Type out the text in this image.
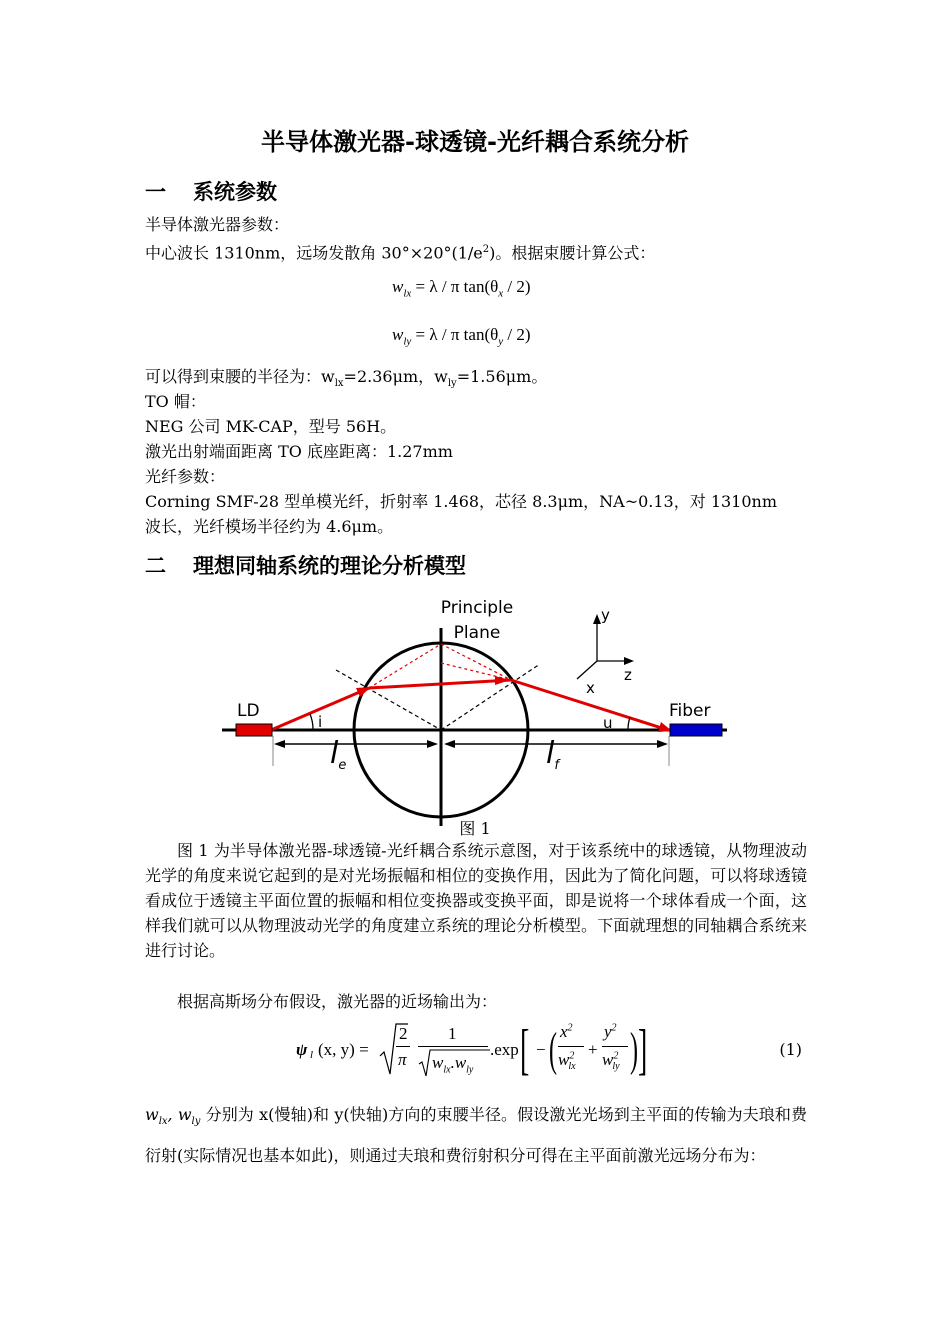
半导体激光器-球透镜-光纤耦合系统分析
一 系统参数
半导体激光器参数：
中心波长 1310nm，远场发散角 $30^\circ\times 20^\circ(1/e^2)$。根据束腰计算公式：
$w_{lx} = \lambda / \pi$ $\tan(\theta_x / 2)$
$w_{ly} = \lambda / \pi$ $\tan(\theta_y / 2)$
可以得到束腰的半径为：$w_{lx}=2.36\mu m$，$w_{ly}=1.56\mu m$。
TO 帽：
NEG 公司 MK-CAP，型号 56H。
激光出射端面距离 TO 底座距离：1.27mm
光纤参数：
Corning SMF-28 型单模光纤，折射率 1.468，芯径 8.3μm，NA~0.13，对 1310nm
波长，光纤模场半径约为 4.6μm。
二 理想同轴系统的理论分析模型
Principle
Plane
LD	Fiber
i	u
$l_e$	$l_f$
y
z
x
图 1
图 1 为半导体激光器-球透镜-光纤耦合系统示意图，对于该系统中的球透镜，从物理波动光学的角度来说它起到的是对光场振幅和相位的变换作用，因此为了简化问题，可以将球透镜看成位于透镜主平面位置的振幅和相位变换器或变换平面，即是说将一个球体看成一个面，这样我们就可以从物理波动光学的角度建立系统的理论分析模型。下面就理想的同轴耦合系统来进行讨论。
根据高斯场分布假设，激光器的近场输出为：
ψ l (x, y) =
2
π
1
$w_{lx}.w_{ly}$
.exp [ − ( $x^2$
$w^2_{lx}$
+
$y^2$
$w^2_{ly}$ ) ]	(1)
$w_{lx}$, $w_{ly}$ 分别为 x(慢轴)和 y(快轴)方向的束腰半径。假设激光光场到主平面的传输为夫琅和费衍射(实际情况也基本如此)，则通过夫琅和费衍射积分可得在主平面前激光远场分布为：
